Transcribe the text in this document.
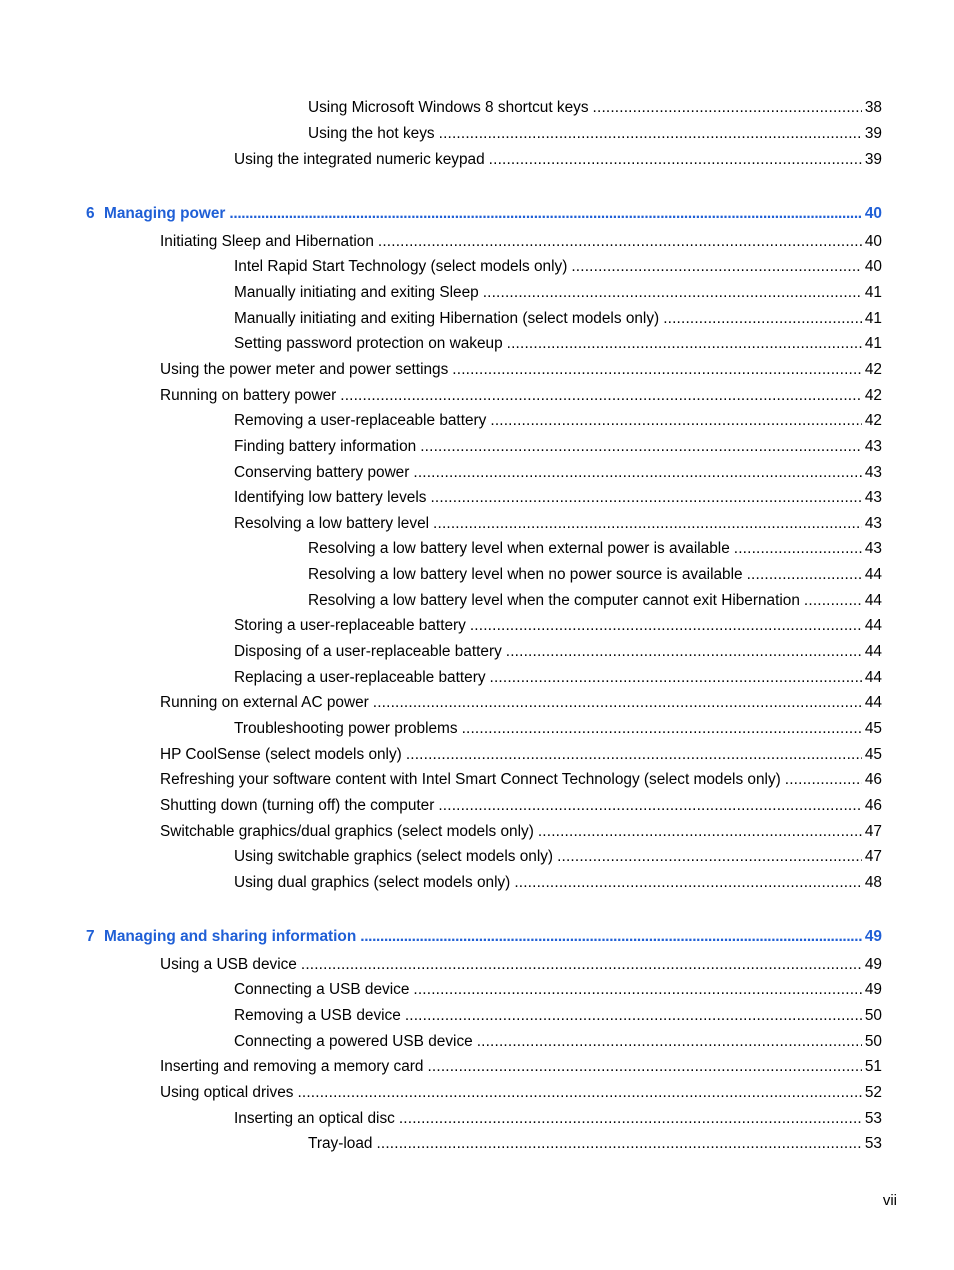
Using Microsoft Windows 8 shortcut keys . . .	38
Using the hot keys . . .	39
Using the integrated numeric keypad . . .	39
6 Managing power . . .	40
Initiating Sleep and Hibernation . . .	40
Intel Rapid Start Technology (select models only) . . .	40
Manually initiating and exiting Sleep . . .	41
Manually initiating and exiting Hibernation (select models only) . . .	41
Setting password protection on wakeup . . .	41
Using the power meter and power settings . . .	42
Running on battery power . . .	42
Removing a user-replaceable battery . . .	42
Finding battery information . . .	43
Conserving battery power . . .	43
Identifying low battery levels . . .	43
Resolving a low battery level . . .	43
Resolving a low battery level when external power is available . . .	43
Resolving a low battery level when no power source is available . . .	44
Resolving a low battery level when the computer cannot exit Hibernation . . .	44
Storing a user-replaceable battery . . .	44
Disposing of a user-replaceable battery . . .	44
Replacing a user-replaceable battery . . .	44
Running on external AC power . . .	44
Troubleshooting power problems . . .	45
HP CoolSense (select models only) . . .	45
Refreshing your software content with Intel Smart Connect Technology (select models only) . . .	46
Shutting down (turning off) the computer . . .	46
Switchable graphics/dual graphics (select models only) . . .	47
Using switchable graphics (select models only) . . .	47
Using dual graphics (select models only) . . .	48
7 Managing and sharing information . . .	49
Using a USB device . . .	49
Connecting a USB device . . .	49
Removing a USB device . . .	50
Connecting a powered USB device . . .	50
Inserting and removing a memory card . . .	51
Using optical drives . . .	52
Inserting an optical disc . . .	53
Tray-load . . .	53
vii
